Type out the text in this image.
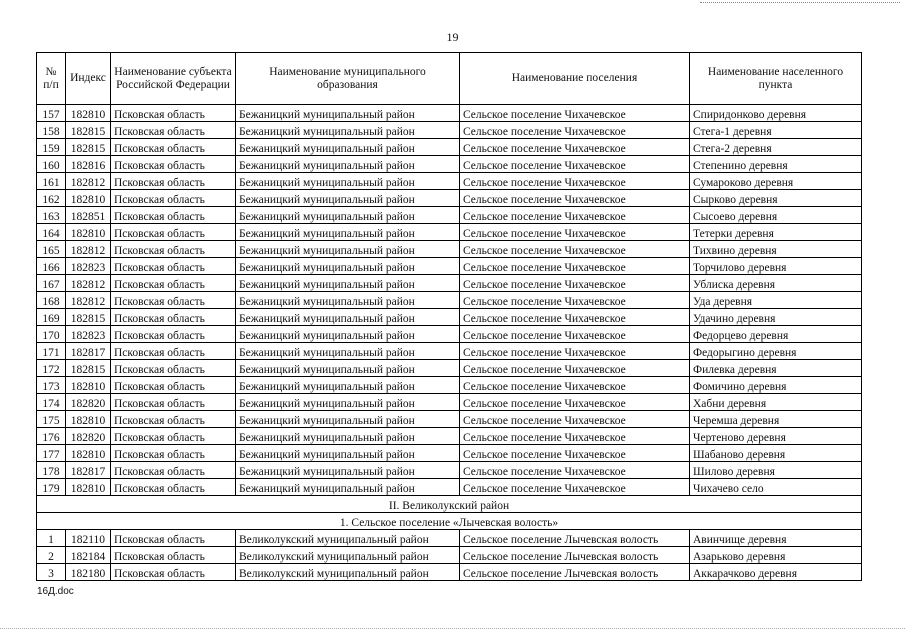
19
№ п/п	Индекс	Наименование субъекта Российской Федерации	Наименование муниципального образования	Наименование поселения	Наименование населенного пункта
157	182810	Псковская область	Бежаницкий муниципальный район	Сельское поселение Чихачевское	Спиридонково деревня
158	182815	Псковская область	Бежаницкий муниципальный район	Сельское поселение Чихачевское	Стега-1 деревня
159	182815	Псковская область	Бежаницкий муниципальный район	Сельское поселение Чихачевское	Стега-2 деревня
160	182816	Псковская область	Бежаницкий муниципальный район	Сельское поселение Чихачевское	Степенино деревня
161	182812	Псковская область	Бежаницкий муниципальный район	Сельское поселение Чихачевское	Сумароково деревня
162	182810	Псковская область	Бежаницкий муниципальный район	Сельское поселение Чихачевское	Сырково деревня
163	182851	Псковская область	Бежаницкий муниципальный район	Сельское поселение Чихачевское	Сысоево деревня
164	182810	Псковская область	Бежаницкий муниципальный район	Сельское поселение Чихачевское	Тетерки деревня
165	182812	Псковская область	Бежаницкий муниципальный район	Сельское поселение Чихачевское	Тихвино деревня
166	182823	Псковская область	Бежаницкий муниципальный район	Сельское поселение Чихачевское	Торчилово деревня
167	182812	Псковская область	Бежаницкий муниципальный район	Сельское поселение Чихачевское	Ублиска деревня
168	182812	Псковская область	Бежаницкий муниципальный район	Сельское поселение Чихачевское	Уда деревня
169	182815	Псковская область	Бежаницкий муниципальный район	Сельское поселение Чихачевское	Удачино деревня
170	182823	Псковская область	Бежаницкий муниципальный район	Сельское поселение Чихачевское	Федорцево деревня
171	182817	Псковская область	Бежаницкий муниципальный район	Сельское поселение Чихачевское	Федорыгино деревня
172	182815	Псковская область	Бежаницкий муниципальный район	Сельское поселение Чихачевское	Филевка деревня
173	182810	Псковская область	Бежаницкий муниципальный район	Сельское поселение Чихачевское	Фомичино деревня
174	182820	Псковская область	Бежаницкий муниципальный район	Сельское поселение Чихачевское	Хабни деревня
175	182810	Псковская область	Бежаницкий муниципальный район	Сельское поселение Чихачевское	Черемша деревня
176	182820	Псковская область	Бежаницкий муниципальный район	Сельское поселение Чихачевское	Чертеново деревня
177	182810	Псковская область	Бежаницкий муниципальный район	Сельское поселение Чихачевское	Шабаново деревня
178	182817	Псковская область	Бежаницкий муниципальный район	Сельское поселение Чихачевское	Шилово деревня
179	182810	Псковская область	Бежаницкий муниципальный район	Сельское поселение Чихачевское	Чихачево село
II. Великолукский район					
1. Сельское поселение «Лычевская волость»					
1	182110	Псковская область	Великолукский муниципальный район	Сельское поселение Лычевская волость	Авинчище деревня
2	182184	Псковская область	Великолукский муниципальный район	Сельское поселение Лычевская волость	Азарьково деревня
3	182180	Псковская область	Великолукский муниципальный район	Сельское поселение Лычевская волость	Аккарачково деревня
16Д.doc
